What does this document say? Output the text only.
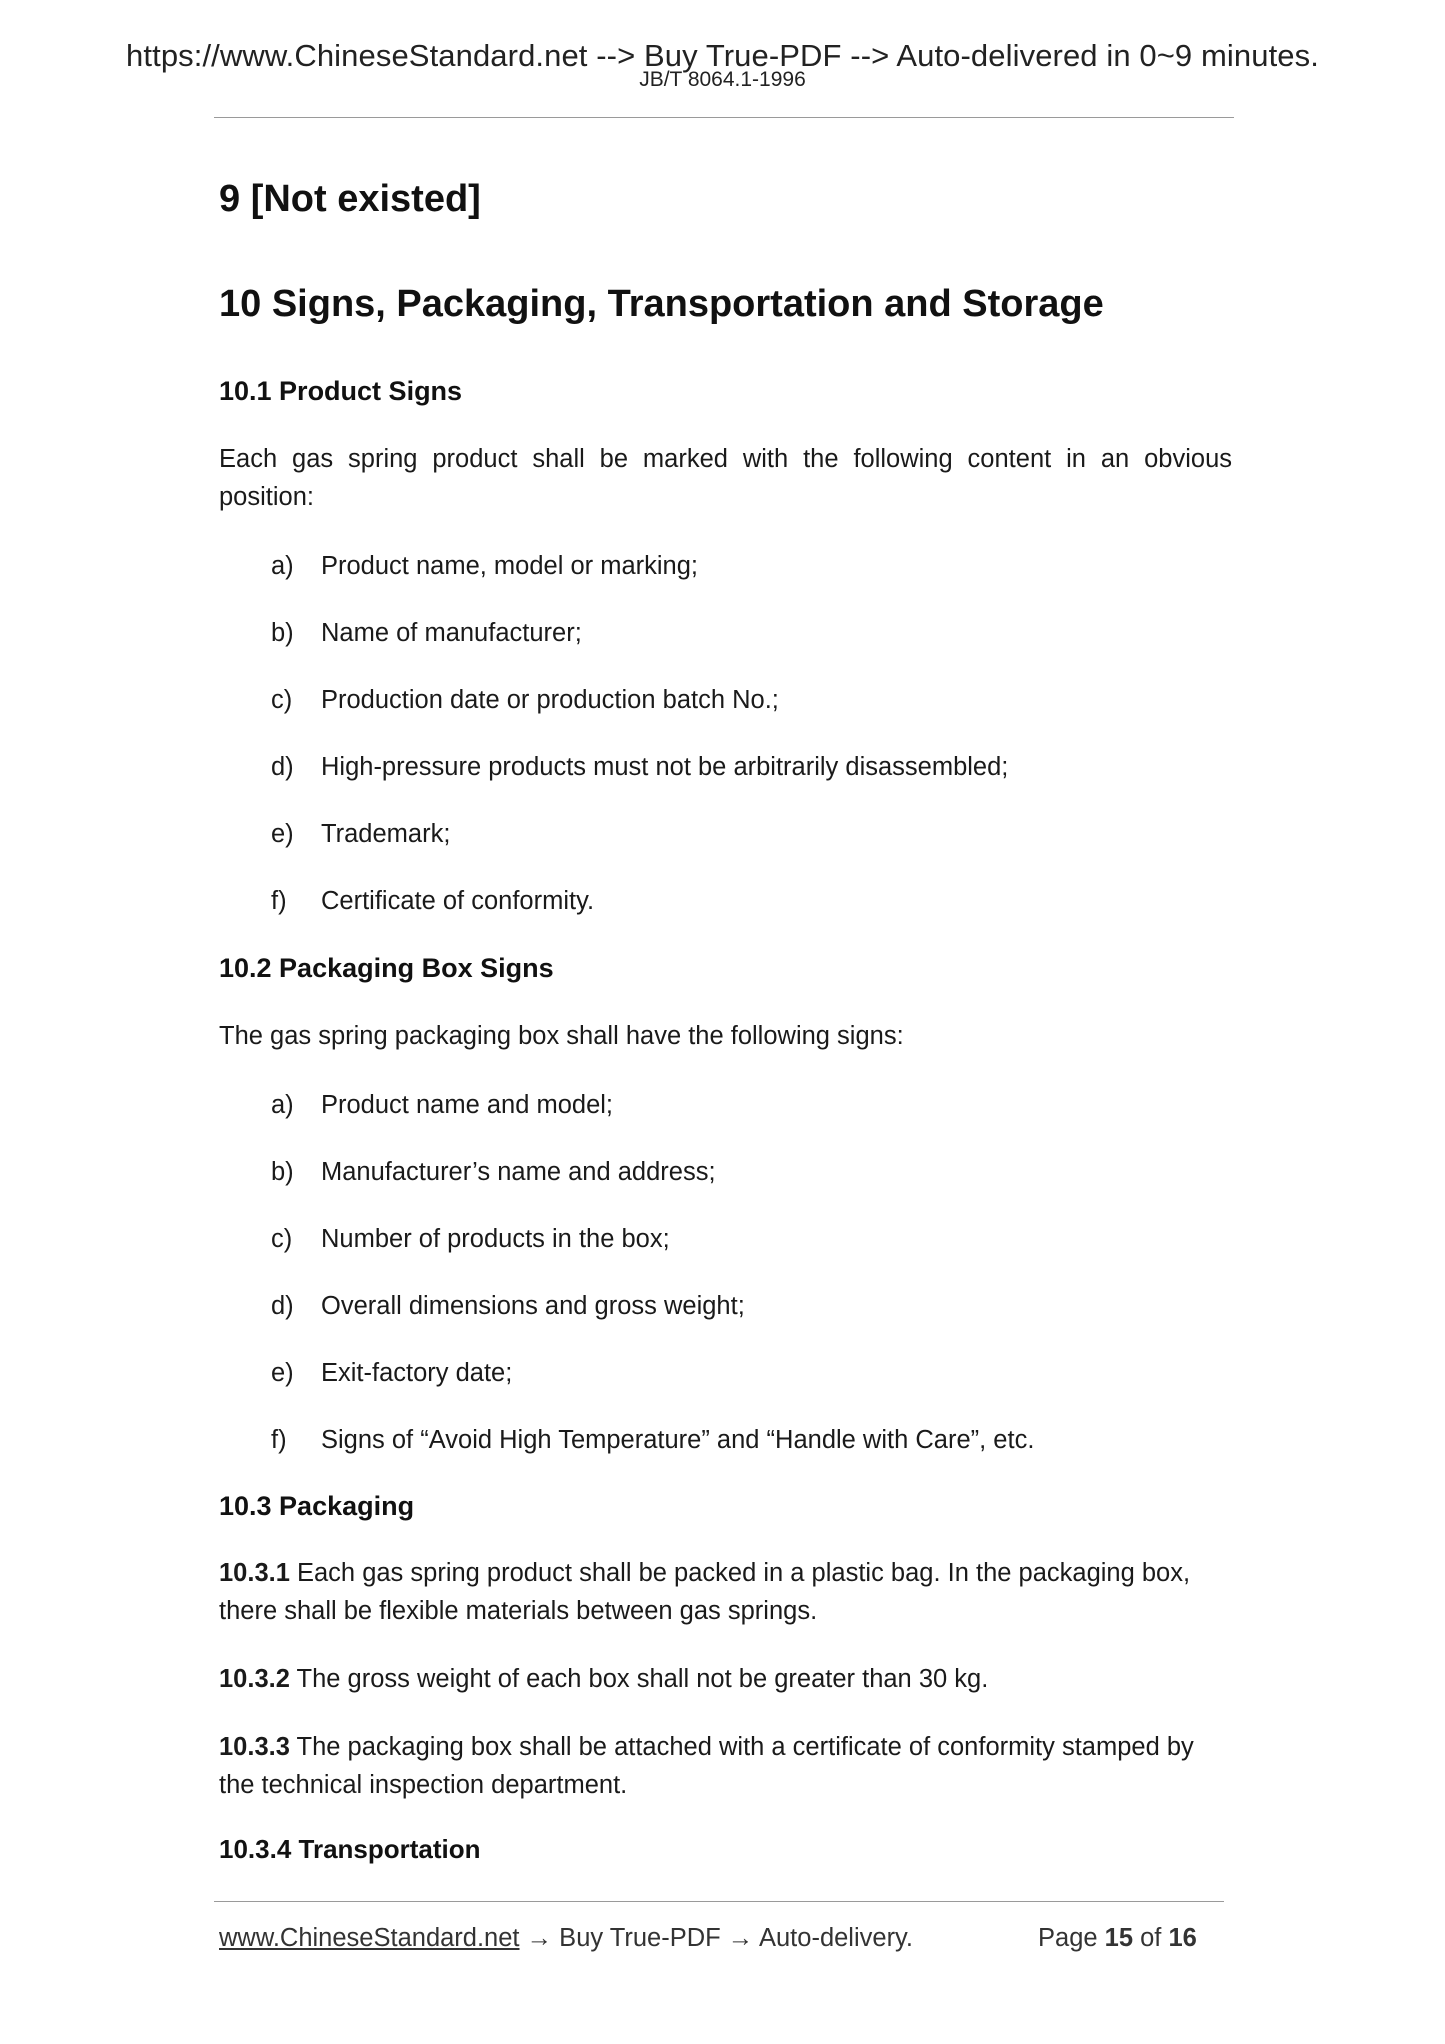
https://www.ChineseStandard.net --> Buy True-PDF --> Auto-delivered in 0~9 minutes.
JB/T 8064.1-1996
9 [Not existed]
10 Signs, Packaging, Transportation and Storage
10.1 Product Signs
Each gas spring product shall be marked with the following content in an obvious position:
a) Product name, model or marking;
b) Name of manufacturer;
c) Production date or production batch No.;
d) High-pressure products must not be arbitrarily disassembled;
e) Trademark;
f) Certificate of conformity.
10.2 Packaging Box Signs
The gas spring packaging box shall have the following signs:
a) Product name and model;
b) Manufacturer’s name and address;
c) Number of products in the box;
d) Overall dimensions and gross weight;
e) Exit-factory date;
f) Signs of “Avoid High Temperature” and “Handle with Care”, etc.
10.3 Packaging
10.3.1 Each gas spring product shall be packed in a plastic bag. In the packaging box, there shall be flexible materials between gas springs.
10.3.2 The gross weight of each box shall not be greater than 30 kg.
10.3.3 The packaging box shall be attached with a certificate of conformity stamped by the technical inspection department.
10.3.4 Transportation
www.ChineseStandard.net → Buy True-PDF → Auto-delivery.	Page 15 of 16
